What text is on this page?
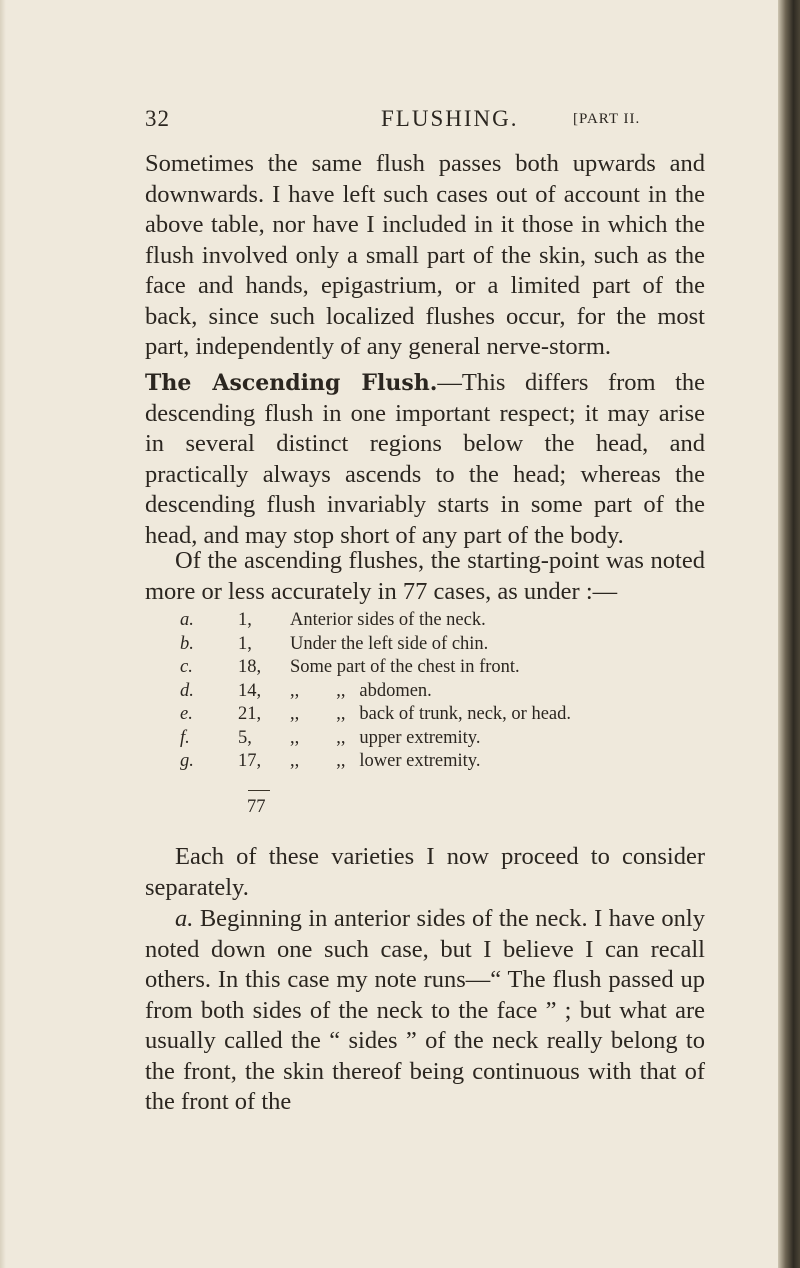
32	FLUSHING.	[PART II.
Sometimes the same flush passes both upwards and downwards. I have left such cases out of account in the above table, nor have I included in it those in which the flush involved only a small part of the skin, such as the face and hands, epigastrium, or a limited part of the back, since such localized flushes occur, for the most part, independently of any general nerve-storm.
The Ascending Flush.—This differs from the descending flush in one important respect; it may arise in several distinct regions below the head, and practically always ascends to the head; whereas the descending flush invariably starts in some part of the head, and may stop short of any part of the body.
Of the ascending flushes, the starting-point was noted more or less accurately in 77 cases, as under :—
a.	1,	Anterior sides of the neck.
b.	1,	Under the left side of chin.
c.	18,	Some part of the chest in front.
d.	14,	,,        ,,   abdomen.
e.	21,	,,        ,,   back of trunk, neck, or head.
f.	5,	,,        ,,   upper extremity.
g.	17,	,,        ,,   lower extremity.
77
Each of these varieties I now proceed to consider separately.
a. Beginning in anterior sides of the neck. I have only noted down one such case, but I believe I can recall others. In this case my note runs—“ The flush passed up from both sides of the neck to the face ” ; but what are usually called the “ sides ” of the neck really belong to the front, the skin thereof being continuous with that of the front of the
